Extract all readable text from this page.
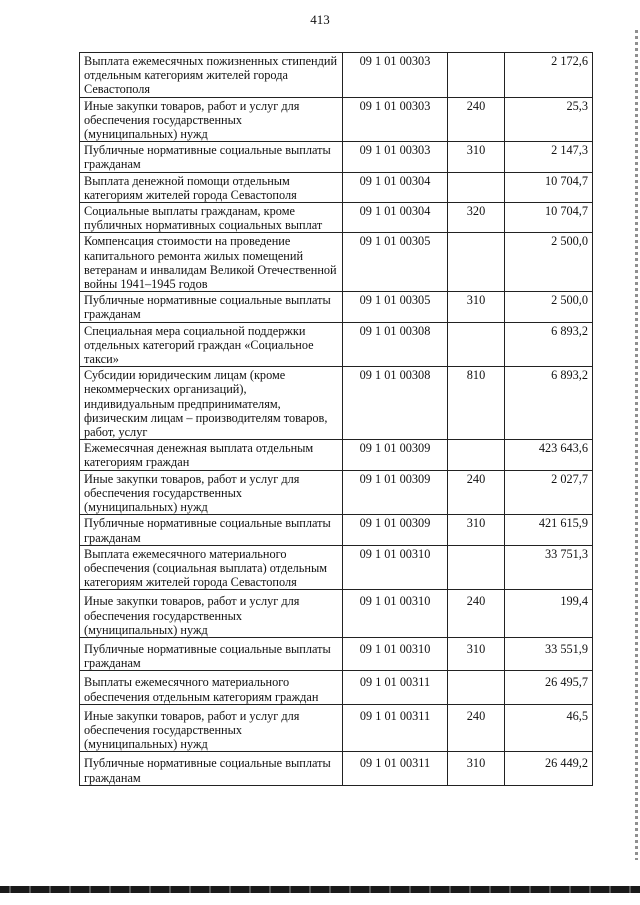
413
Выплата ежемесячных пожизненных стипендий отдельным категориям жителей города Севастополя	09 1 01 00303		2 172,6
Иные закупки товаров, работ и услуг для обеспечения государственных (муниципальных) нужд	09 1 01 00303	240	25,3
Публичные нормативные социальные выплаты гражданам	09 1 01 00303	310	2 147,3
Выплата денежной помощи отдельным категориям жителей города Севастополя	09 1 01 00304		10 704,7
Социальные выплаты гражданам, кроме публичных нормативных социальных выплат	09 1 01 00304	320	10 704,7
Компенсация стоимости на проведение капитального ремонта жилых помещений ветеранам и инвалидам Великой Отечественной войны 1941–1945 годов	09 1 01 00305		2 500,0
Публичные нормативные социальные выплаты гражданам	09 1 01 00305	310	2 500,0
Специальная мера социальной поддержки отдельных категорий граждан «Социальное такси»	09 1 01 00308		6 893,2
Субсидии юридическим лицам (кроме некоммерческих организаций), индивидуальным предпринимателям, физическим лицам – производителям товаров, работ, услуг	09 1 01 00308	810	6 893,2
Ежемесячная денежная выплата отдельным категориям граждан	09 1 01 00309		423 643,6
Иные закупки товаров, работ и услуг для обеспечения государственных (муниципальных) нужд	09 1 01 00309	240	2 027,7
Публичные нормативные социальные выплаты гражданам	09 1 01 00309	310	421 615,9
Выплата ежемесячного материального обеспечения (социальная выплата) отдельным категориям жителей города Севастополя	09 1 01 00310		33 751,3
Иные закупки товаров, работ и услуг для обеспечения государственных (муниципальных) нужд	09 1 01 00310	240	199,4
Публичные нормативные социальные выплаты гражданам	09 1 01 00310	310	33 551,9
Выплаты ежемесячного материального обеспечения отдельным категориям граждан	09 1 01 00311		26 495,7
Иные закупки товаров, работ и услуг для обеспечения государственных (муниципальных) нужд	09 1 01 00311	240	46,5
Публичные нормативные социальные выплаты гражданам	09 1 01 00311	310	26 449,2
